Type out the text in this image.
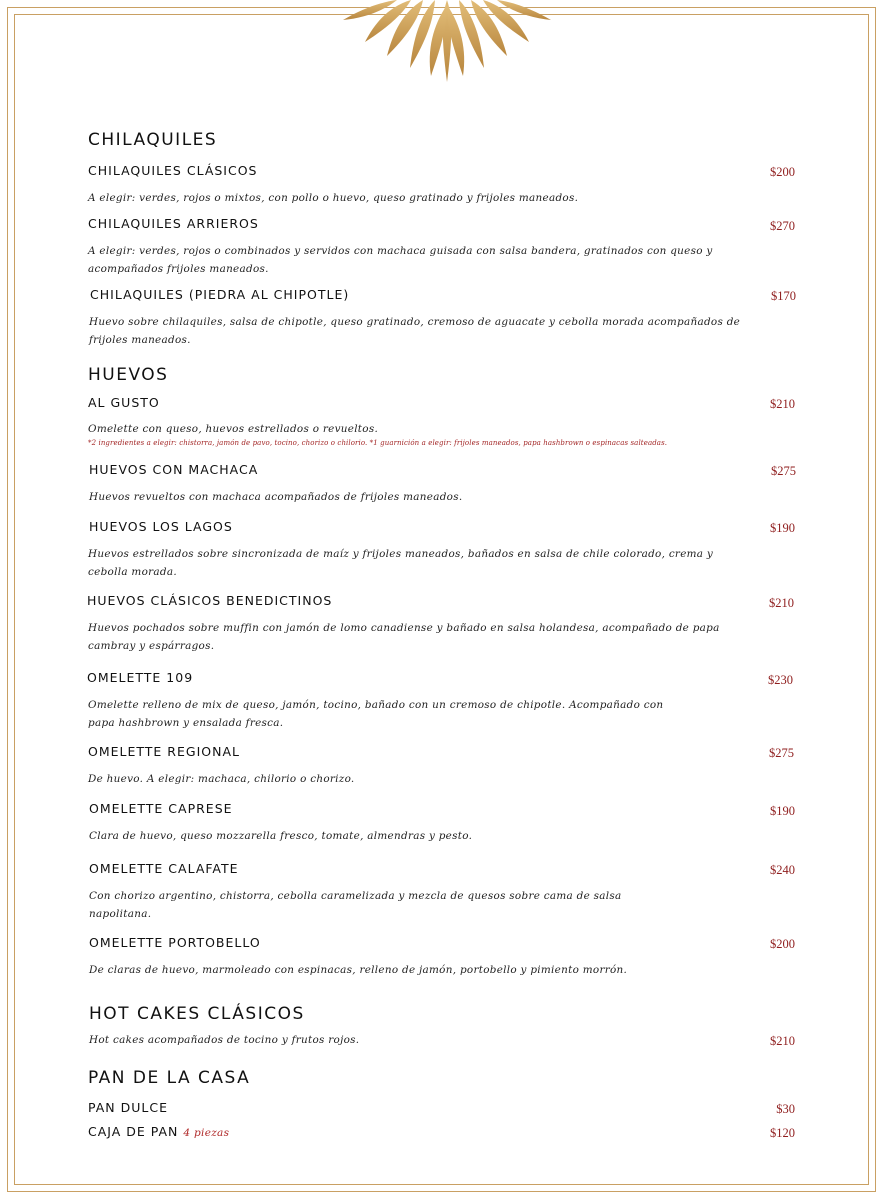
CHILAQUILES
CHILAQUILES CLÁSICOS	$200
A elegir: verdes, rojos o mixtos, con pollo o huevo, queso gratinado y frijoles maneados.
CHILAQUILES ARRIEROS	$270
A elegir: verdes, rojos o combinados y servidos con machaca guisada con salsa bandera, gratinados con queso y acompañados frijoles maneados.
CHILAQUILES (PIEDRA AL CHIPOTLE)	$170
Huevo sobre chilaquiles, salsa de chipotle, queso gratinado, cremoso de aguacate y cebolla morada acompañados de frijoles maneados.
HUEVOS
AL GUSTO	$210
Omelette con queso, huevos estrellados o revueltos.
*2 ingredientes a elegir: chistorra, jamón de pavo, tocino, chorizo o chilorio. *1 guarnición a elegir: frijoles maneados, papa hashbrown o espinacas salteadas.
HUEVOS CON MACHACA	$275
Huevos revueltos con machaca acompañados de frijoles maneados.
HUEVOS LOS LAGOS	$190
Huevos estrellados sobre sincronizada de maíz y frijoles maneados, bañados en salsa de chile colorado, crema y cebolla morada.
HUEVOS CLÁSICOS BENEDICTINOS	$210
Huevos pochados sobre muffin con jamón de lomo canadiense y bañado en salsa holandesa, acompañado de papa cambray y espárragos.
OMELETTE 109	$230
Omelette relleno de mix de queso, jamón, tocino, bañado con un cremoso de chipotle. Acompañado con papa hashbrown y ensalada fresca.
OMELETTE REGIONAL	$275
De huevo. A elegir: machaca, chilorio o chorizo.
OMELETTE CAPRESE	$190
Clara de huevo, queso mozzarella fresco, tomate, almendras y pesto.
OMELETTE CALAFATE	$240
Con chorizo argentino, chistorra, cebolla caramelizada y mezcla de quesos sobre cama de salsa napolitana.
OMELETTE PORTOBELLO	$200
De claras de huevo, marmoleado con espinacas, relleno de jamón, portobello y pimiento morrón.
HOT CAKES CLÁSICOS
$210
Hot cakes acompañados de tocino y frutos rojos.
PAN DE LA CASA
PAN DULCE	$30
CAJA DE PAN 4 piezas	$120
